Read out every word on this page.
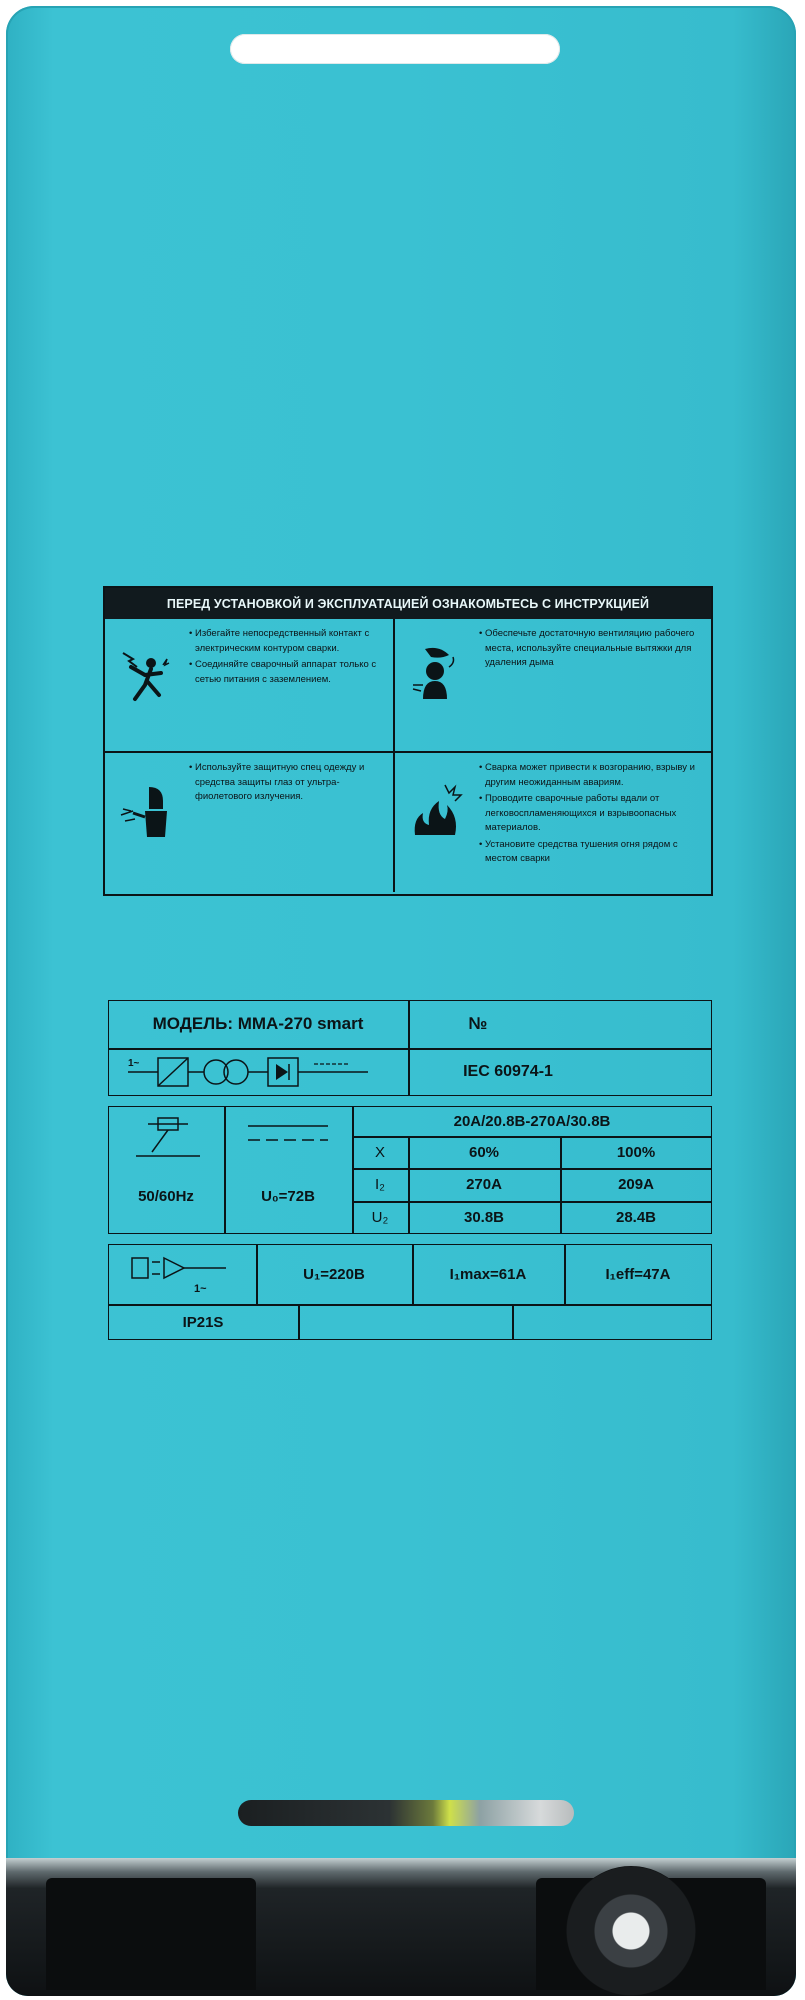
ПЕРЕД УСТАНОВКОЙ И ЭКСПЛУАТАЦИЕЙ ОЗНАКОМЬТЕСЬ С ИНСТРУКЦИЕЙ
• Избегайте непосредственный контакт с электрическим контуром сварки.
• Соединяйте сварочный аппарат только с сетью питания с заземлением.
• Обеспечьте достаточную вентиляцию рабочего места, используйте специальные вытяжки для удаления дыма
• Используйте защитную спец одежду и средства защиты глаз от ультра-фиолетового излучения.
• Сварка может привести к возгоранию, взрыву и другим неожиданным авариям.
• Проводите сварочные работы вдали от легковоспламеняющихся и взрывоопасных материалов.
• Установите средства тушения огня рядом с местом сварки
МОДЕЛЬ: MMA-270 smart	№
IEC 60974-1
1~
20A/20.8B-270A/30.8B
X	60%	100%
I₂	270A	209A
U₂	30.8B	28.4B
50/60Hz	U₀=72B
1~
U₁=220B	I₁max=61A	I₁eff=47A
IP21S
